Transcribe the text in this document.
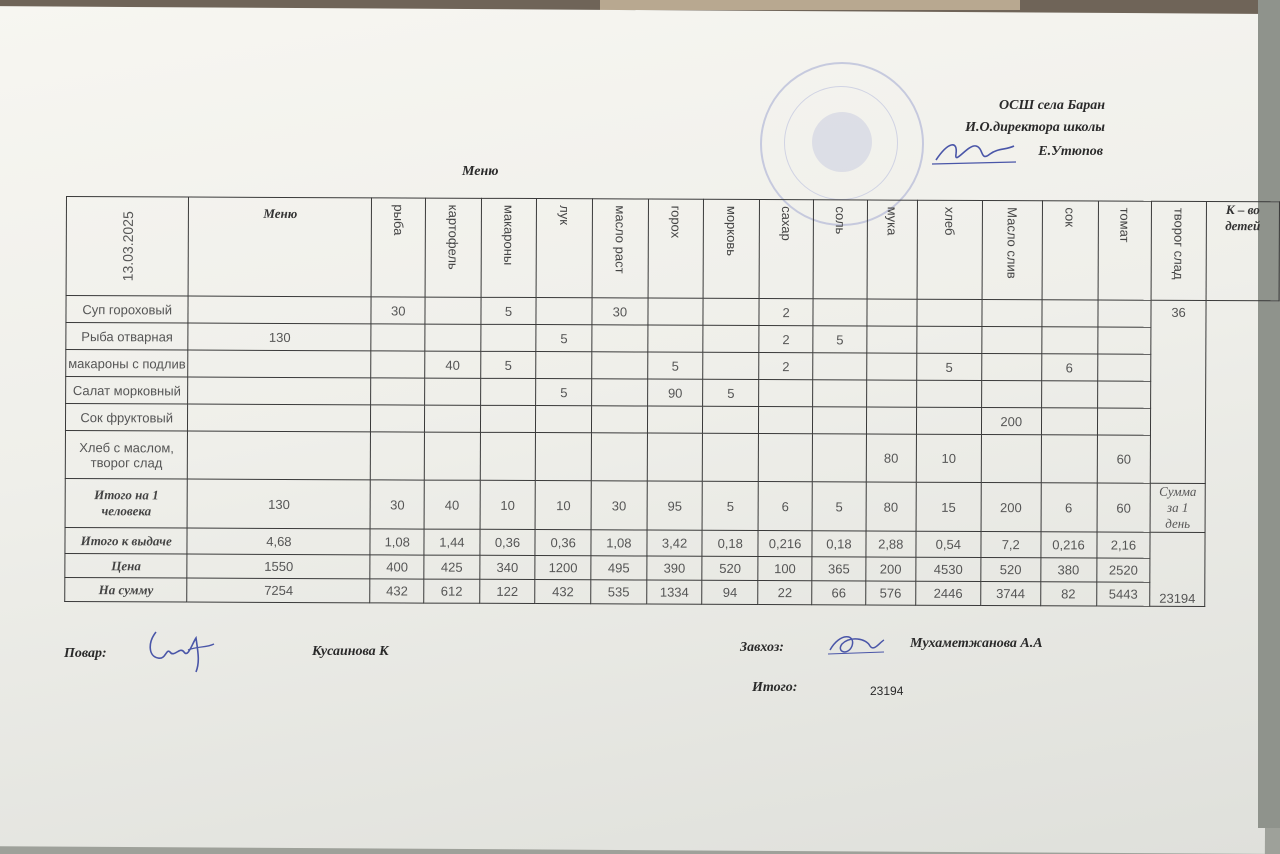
ОСШ села Баран
И.О.директора школы
Е.Утюпов
Меню
13.03.2025	Меню	рыба	картофель	макароны	лук	масло раст	горох	морковь	сахар	соль	мука	хлеб	Масло слив	сок	томат	творог слад	К – во детей
Суп гороховый		30		5		30			2							36	
Рыба отварная	130				5				2	5							
макароны с подлив			40	5			5		2			5		6			
Салат морковный					5		90	5									
Сок фруктовый													200				
Хлеб с маслом, творог слад											80	10			60		
Итого на 1 человека	130	30	40	10	10	30	95	5	6	5	80	15	200	6	60	Сумма за 1 день	
Итого к выдаче	4,68	1,08	1,44	0,36	0,36	1,08	3,42	0,18	0,216	0,18	2,88	0,54	7,2	0,216	2,16	23194	
Цена	1550	400	425	340	1200	495	390	520	100	365	200	4530	520	380	2520		
На сумму	7254	432	612	122	432	535	1334	94	22	66	576	2446	3744	82	5443		
Повар:	Кусаинова К	Завхоз:	Мухаметжанова А.А
Итого:	23194
